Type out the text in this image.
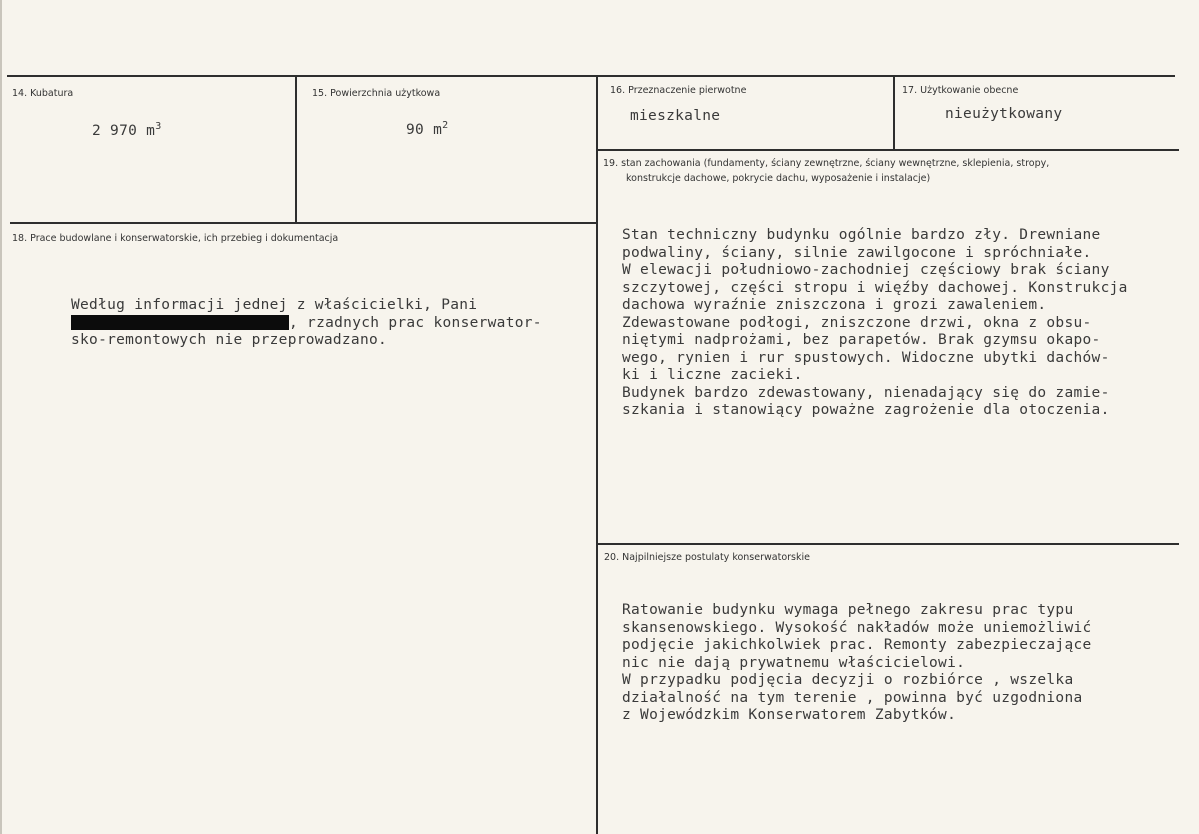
14. Kubatura
2 970 $m^3$
15. Powierzchnia użytkowa
90 $m^2$
16. Przeznaczenie pierwotne
mieszkalne
17. Użytkowanie obecne
nieużytkowany
18. Prace budowlane i konserwatorskie, ich przebieg i dokumentacja

Według informacji jednej z właścicielki, Pani
, rzadnych prac konserwator-
sko-remontowych nie przeprowadzano.

19. stan zachowania (fundamenty, ściany zewnętrzne, ściany wewnętrzne, sklepienia, stropy,
konstrukcje dachowe, pokrycie dachu, wyposażenie i instalacje)

Stan techniczny budynku ogólnie bardzo zły. Drewniane
podwaliny, ściany, silnie zawilgocone i spróchniałe.
W elewacji południowo-zachodniej częściowy brak ściany
szczytowej, części stropu i więźby dachowej. Konstrukcja
dachowa wyraźnie zniszczona i grozi zawaleniem.
Zdewastowane podłogi, zniszczone drzwi, okna z obsu-
niętymi nadprożami, bez parapetów. Brak gzymsu okapo-
wego, rynien i rur spustowych. Widoczne ubytki dachów-
ki i liczne zacieki.
Budynek bardzo zdewastowany, nienadający się do zamie-
szkania i stanowiący poważne zagrożenie dla otoczenia.

20. Najpilniejsze postulaty konserwatorskie

Ratowanie budynku wymaga pełnego zakresu prac typu
skansenowskiego. Wysokość nakładów może uniemożliwić
podjęcie jakichkolwiek prac. Remonty zabezpieczające
nic nie dają prywatnemu właścicielowi.
W przypadku podjęcia decyzji o rozbiórce , wszelka
działalność na tym terenie , powinna być uzgodniona
z Wojewódzkim Konserwatorem Zabytków.
